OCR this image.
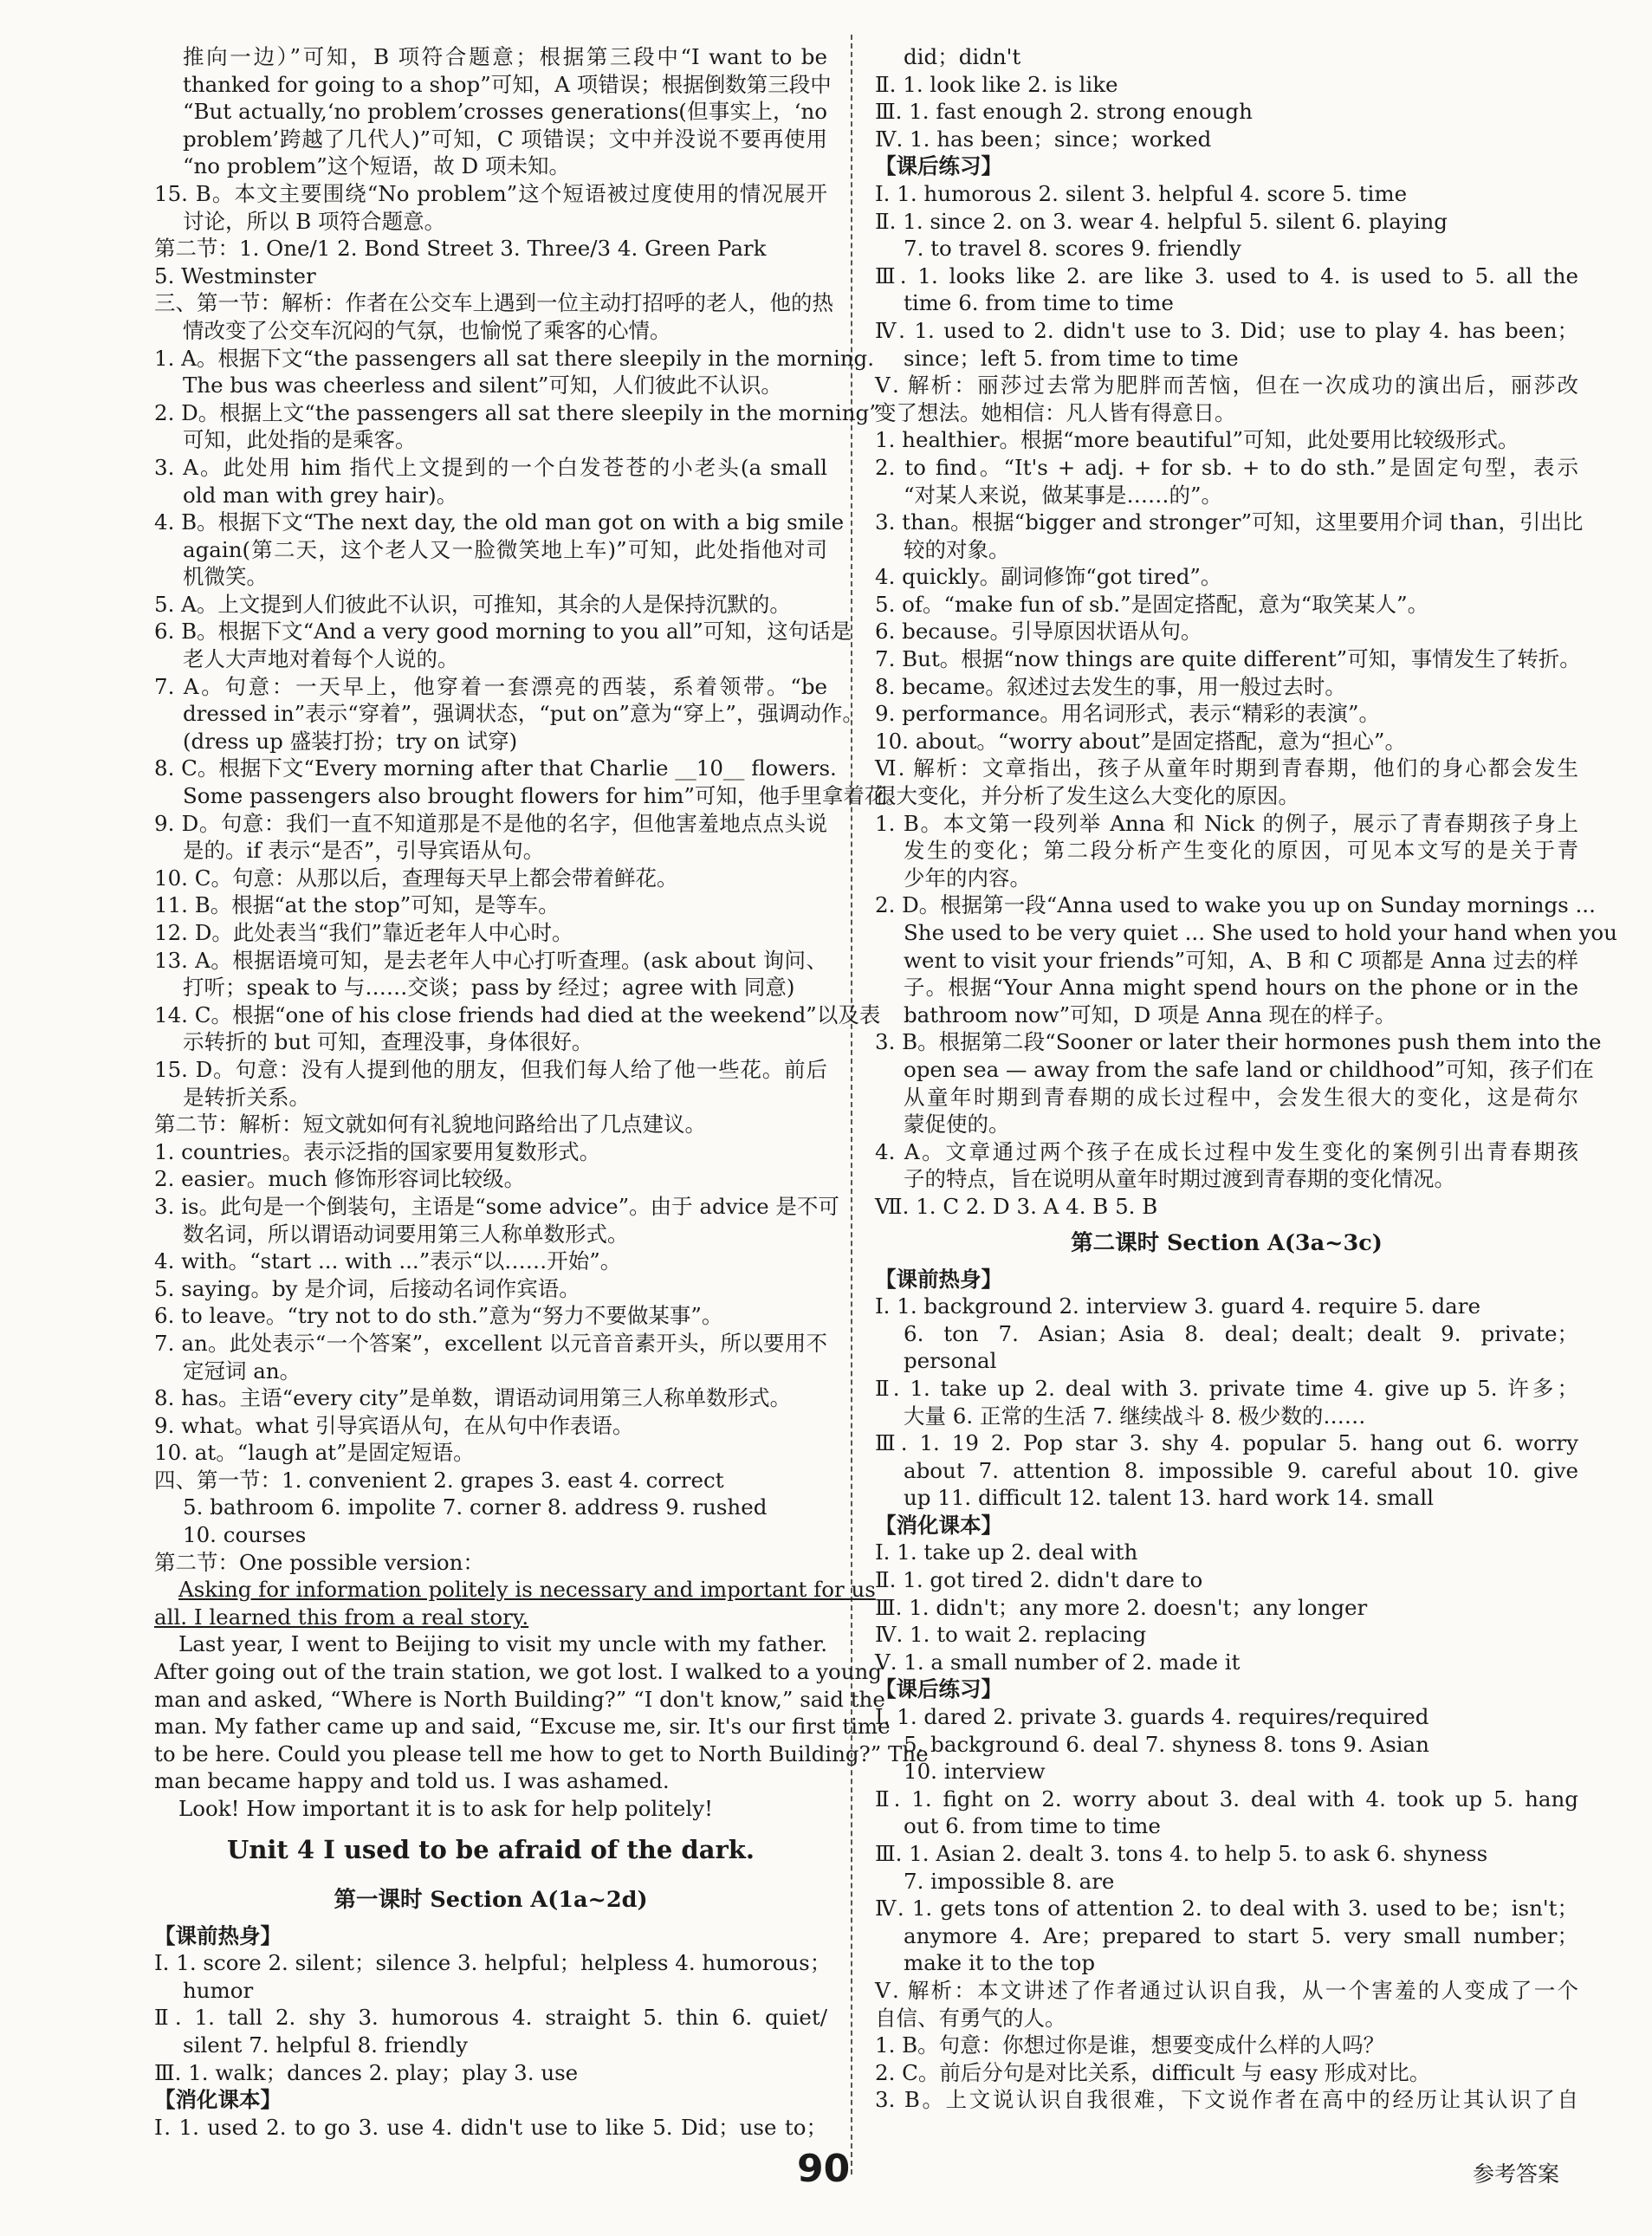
推向一边）”可知，B 项符合题意；根据第三段中“I want to be
thanked for going to a shop”可知，A 项错误；根据倒数第三段中
“But actually,‘no problem’crosses generations(但事实上，‘no
problem’跨越了几代人)”可知，C 项错误；文中并没说不要再使用
“no problem”这个短语，故 D 项未知。
15. B。本文主要围绕“No problem”这个短语被过度使用的情况展开
讨论，所以 B 项符合题意。
第二节：1. One/1 2. Bond Street 3. Three/3 4. Green Park
5. Westminster
三、第一节：解析：作者在公交车上遇到一位主动打招呼的老人，他的热
情改变了公交车沉闷的气氛，也愉悦了乘客的心情。
1. A。根据下文“the passengers all sat there sleepily in the morning.
The bus was cheerless and silent”可知，人们彼此不认识。
2. D。根据上文“the passengers all sat there sleepily in the morning”
可知，此处指的是乘客。
3. A。此处用 him 指代上文提到的一个白发苍苍的小老头(a small
old man with grey hair)。
4. B。根据下文“The next day, the old man got on with a big smile
again(第二天，这个老人又一脸微笑地上车)”可知，此处指他对司
机微笑。
5. A。上文提到人们彼此不认识，可推知，其余的人是保持沉默的。
6. B。根据下文“And a very good morning to you all”可知，这句话是
老人大声地对着每个人说的。
7. A。句意：一天早上，他穿着一套漂亮的西装，系着领带。“be
dressed in”表示“穿着”，强调状态，“put on”意为“穿上”，强调动作。
(dress up 盛装打扮；try on 试穿)
8. C。根据下文“Every morning after that Charlie __10__ flowers.
Some passengers also brought flowers for him”可知，他手里拿着花。
9. D。句意：我们一直不知道那是不是他的名字，但他害羞地点点头说
是的。if 表示“是否”，引导宾语从句。
10. C。句意：从那以后，查理每天早上都会带着鲜花。
11. B。根据“at the stop”可知，是等车。
12. D。此处表当“我们”靠近老年人中心时。
13. A。根据语境可知，是去老年人中心打听查理。(ask about 询问、
打听；speak to 与……交谈；pass by 经过；agree with 同意)
14. C。根据“one of his close friends had died at the weekend”以及表
示转折的 but 可知，查理没事，身体很好。
15. D。句意：没有人提到他的朋友，但我们每人给了他一些花。前后
是转折关系。
第二节：解析：短文就如何有礼貌地问路给出了几点建议。
1. countries。表示泛指的国家要用复数形式。
2. easier。much 修饰形容词比较级。
3. is。此句是一个倒装句，主语是“some advice”。由于 advice 是不可
数名词，所以谓语动词要用第三人称单数形式。
4. with。“start ... with ...”表示“以……开始”。
5. saying。by 是介词，后接动名词作宾语。
6. to leave。“try not to do sth.”意为“努力不要做某事”。
7. an。此处表示“一个答案”，excellent 以元音音素开头，所以要用不
定冠词 an。
8. has。主语“every city”是单数，谓语动词用第三人称单数形式。
9. what。what 引导宾语从句，在从句中作表语。
10. at。“laugh at”是固定短语。
四、第一节：1. convenient 2. grapes 3. east 4. correct
5. bathroom 6. impolite 7. corner 8. address 9. rushed
10. courses
第二节：One possible version：
Asking for information politely is necessary and important for us
all. I learned this from a real story.
Last year, I went to Beijing to visit my uncle with my father.
After going out of the train station, we got lost. I walked to a young
man and asked, “Where is North Building?” “I don't know,” said the
man. My father came up and said, “Excuse me, sir. It's our first time
to be here. Could you please tell me how to get to North Building?” The
man became happy and told us. I was ashamed.
Look! How important it is to ask for help politely!
Unit 4 I used to be afraid of the dark.
第一课时 Section A(1a~2d)
【课前热身】
Ⅰ. 1. score 2. silent；silence 3. helpful；helpless 4. humorous；
humor
Ⅱ. 1. tall 2. shy 3. humorous 4. straight 5. thin 6. quiet/
silent 7. helpful 8. friendly
Ⅲ. 1. walk；dances 2. play；play 3. use
【消化课本】
Ⅰ. 1. used 2. to go 3. use 4. didn't use to like 5. Did；use to；
did；didn't
Ⅱ. 1. look like 2. is like
Ⅲ. 1. fast enough 2. strong enough
Ⅳ. 1. has been；since；worked
【课后练习】
Ⅰ. 1. humorous 2. silent 3. helpful 4. score 5. time
Ⅱ. 1. since 2. on 3. wear 4. helpful 5. silent 6. playing
7. to travel 8. scores 9. friendly
Ⅲ. 1. looks like 2. are like 3. used to 4. is used to 5. all the
time 6. from time to time
Ⅳ. 1. used to 2. didn't use to 3. Did；use to play 4. has been；
since；left 5. from time to time
Ⅴ. 解析：丽莎过去常为肥胖而苦恼，但在一次成功的演出后，丽莎改
变了想法。她相信：凡人皆有得意日。
1. healthier。根据“more beautiful”可知，此处要用比较级形式。
2. to find。“It's + adj. + for sb. + to do sth.”是固定句型，表示
“对某人来说，做某事是……的”。
3. than。根据“bigger and stronger”可知，这里要用介词 than，引出比
较的对象。
4. quickly。副词修饰“got tired”。
5. of。“make fun of sb.”是固定搭配，意为“取笑某人”。
6. because。引导原因状语从句。
7. But。根据“now things are quite different”可知，事情发生了转折。
8. became。叙述过去发生的事，用一般过去时。
9. performance。用名词形式，表示“精彩的表演”。
10. about。“worry about”是固定搭配，意为“担心”。
Ⅵ. 解析：文章指出，孩子从童年时期到青春期，他们的身心都会发生
很大变化，并分析了发生这么大变化的原因。
1. B。本文第一段列举 Anna 和 Nick 的例子，展示了青春期孩子身上
发生的变化；第二段分析产生变化的原因，可见本文写的是关于青
少年的内容。
2. D。根据第一段“Anna used to wake you up on Sunday mornings ...
She used to be very quiet ... She used to hold your hand when you
went to visit your friends”可知，A、B 和 C 项都是 Anna 过去的样
子。根据“Your Anna might spend hours on the phone or in the
bathroom now”可知，D 项是 Anna 现在的样子。
3. B。根据第二段“Sooner or later their hormones push them into the
open sea — away from the safe land or childhood”可知，孩子们在
从童年时期到青春期的成长过程中，会发生很大的变化，这是荷尔
蒙促使的。
4. A。文章通过两个孩子在成长过程中发生变化的案例引出青春期孩
子的特点，旨在说明从童年时期过渡到青春期的变化情况。
Ⅶ. 1. C 2. D 3. A 4. B 5. B
第二课时 Section A(3a~3c)
【课前热身】
Ⅰ. 1. background 2. interview 3. guard 4. require 5. dare
6. ton 7. Asian；Asia 8. deal；dealt；dealt 9. private；
personal
Ⅱ. 1. take up 2. deal with 3. private time 4. give up 5. 许多；
大量 6. 正常的生活 7. 继续战斗 8. 极少数的……
Ⅲ. 1. 19 2. Pop star 3. shy 4. popular 5. hang out 6. worry
about 7. attention 8. impossible 9. careful about 10. give
up 11. difficult 12. talent 13. hard work 14. small
【消化课本】
Ⅰ. 1. take up 2. deal with
Ⅱ. 1. got tired 2. didn't dare to
Ⅲ. 1. didn't；any more 2. doesn't；any longer
Ⅳ. 1. to wait 2. replacing
Ⅴ. 1. a small number of 2. made it
【课后练习】
Ⅰ. 1. dared 2. private 3. guards 4. requires/required
5. background 6. deal 7. shyness 8. tons 9. Asian
10. interview
Ⅱ. 1. fight on 2. worry about 3. deal with 4. took up 5. hang
out 6. from time to time
Ⅲ. 1. Asian 2. dealt 3. tons 4. to help 5. to ask 6. shyness
7. impossible 8. are
Ⅳ. 1. gets tons of attention 2. to deal with 3. used to be；isn't；
anymore 4. Are；prepared to start 5. very small number；
make it to the top
Ⅴ. 解析：本文讲述了作者通过认识自我，从一个害羞的人变成了一个
自信、有勇气的人。
1. B。句意：你想过你是谁，想要变成什么样的人吗？
2. C。前后分句是对比关系，difficult 与 easy 形成对比。
3. B。上文说认识自我很难，下文说作者在高中的经历让其认识了自
90	参考答案
